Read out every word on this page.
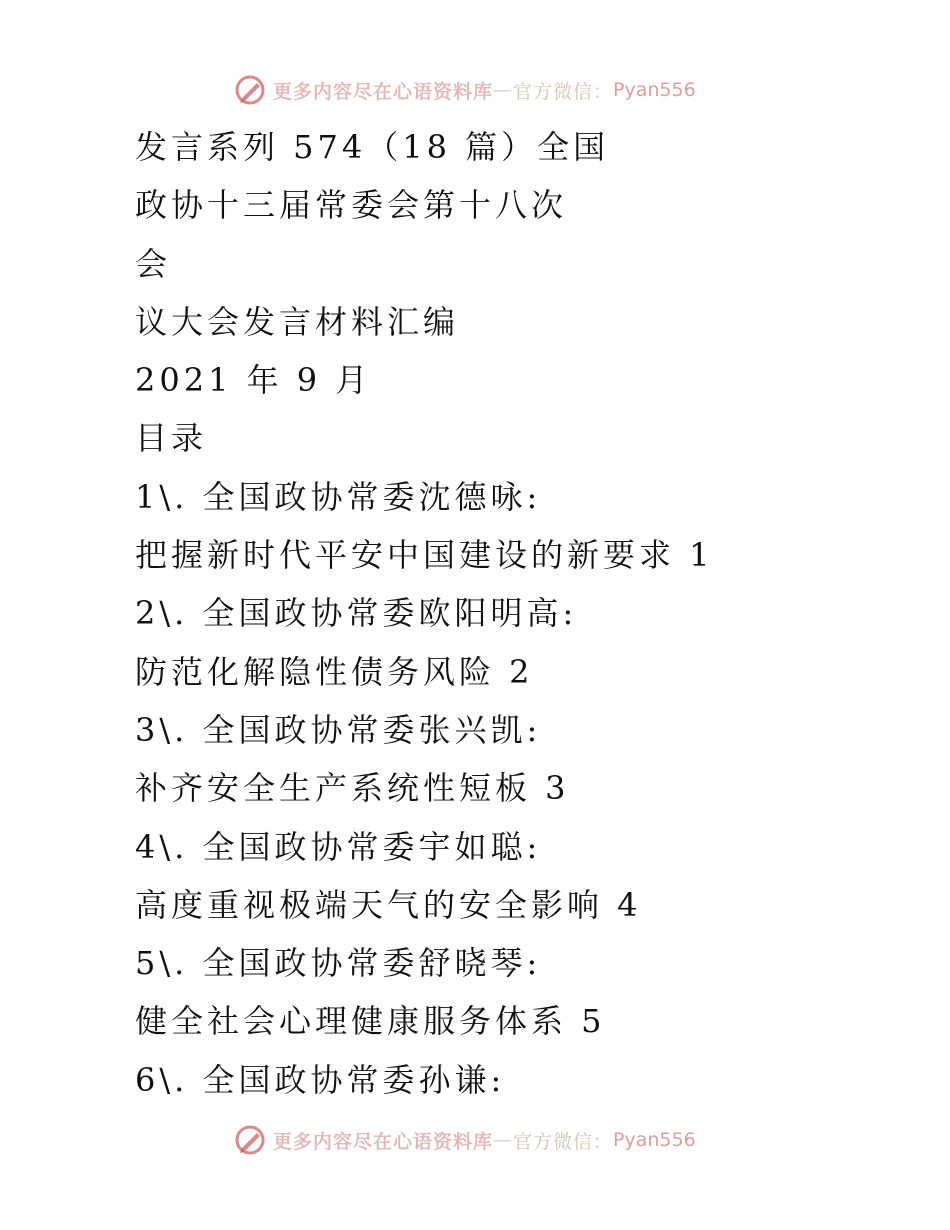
更多内容尽在心语资料库 — 官方微信： Pyan556
发言系列 574（18 篇）全国
政协十三届常委会第十八次
会
议大会发言材料汇编
2021 年 9 月
目录
1\. 全国政协常委沈德咏:
把握新时代平安中国建设的新要求 1
2\. 全国政协常委欧阳明高:
防范化解隐性债务风险 2
3\. 全国政协常委张兴凯:
补齐安全生产系统性短板 3
4\. 全国政协常委宇如聪:
高度重视极端天气的安全影响 4
5\. 全国政协常委舒晓琴:
健全社会心理健康服务体系 5
6\. 全国政协常委孙谦:
更多内容尽在心语资料库 — 官方微信： Pyan556
